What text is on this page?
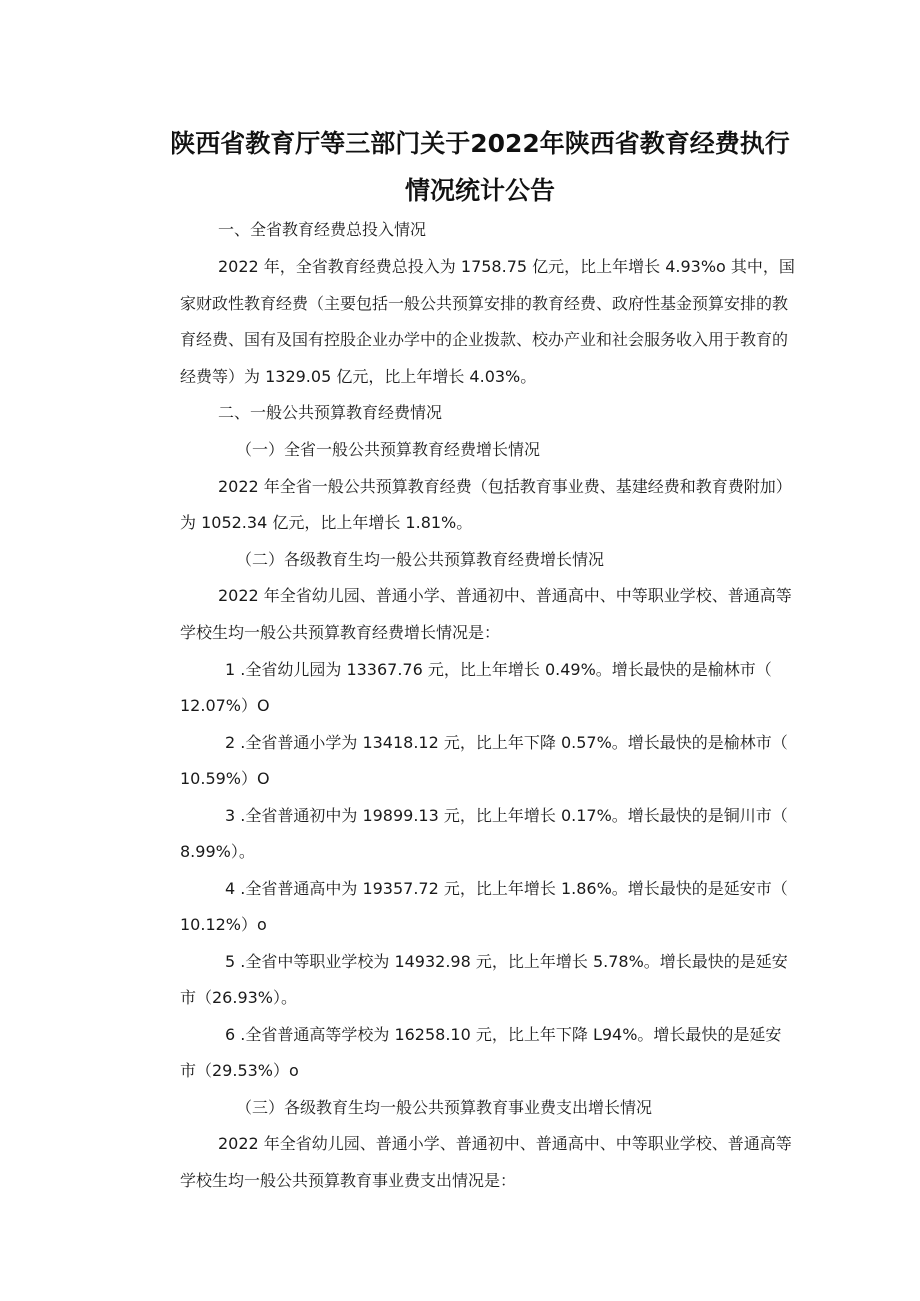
陕西省教育厅等三部门关于2022年陕西省教育经费执行
情况统计公告
一、全省教育经费总投入情况
2022 年，全省教育经费总投入为 1758.75 亿元，比上年增长 4.93%o 其中，国
家财政性教育经费（主要包括一般公共预算安排的教育经费、政府性基金预算安排的教
育经费、国有及国有控股企业办学中的企业拨款、校办产业和社会服务收入用于教育的
经费等）为 1329.05 亿元，比上年增长 4.03%。
二、一般公共预算教育经费情况
（一）全省一般公共预算教育经费增长情况
2022 年全省一般公共预算教育经费（包括教育事业费、基建经费和教育费附加）
为 1052.34 亿元，比上年增长 1.81%。
（二）各级教育生均一般公共预算教育经费增长情况
2022 年全省幼儿园、普通小学、普通初中、普通高中、中等职业学校、普通高等
学校生均一般公共预算教育经费增长情况是：
1 .全省幼儿园为 13367.76 元，比上年增长 0.49%。增长最快的是榆林市（
12.07%）O
2 .全省普通小学为 13418.12 元，比上年下降 0.57%。增长最快的是榆林市（
10.59%）O
3 .全省普通初中为 19899.13 元，比上年增长 0.17%。增长最快的是铜川市（
8.99%）。
4 .全省普通高中为 19357.72 元，比上年增长 1.86%。增长最快的是延安市（
10.12%）o
5 .全省中等职业学校为 14932.98 元，比上年增长 5.78%。增长最快的是延安
市（26.93%）。
6 .全省普通高等学校为 16258.10 元，比上年下降 L94%。增长最快的是延安
市（29.53%）o
（三）各级教育生均一般公共预算教育事业费支出增长情况
2022 年全省幼儿园、普通小学、普通初中、普通高中、中等职业学校、普通高等
学校生均一般公共预算教育事业费支出情况是：
